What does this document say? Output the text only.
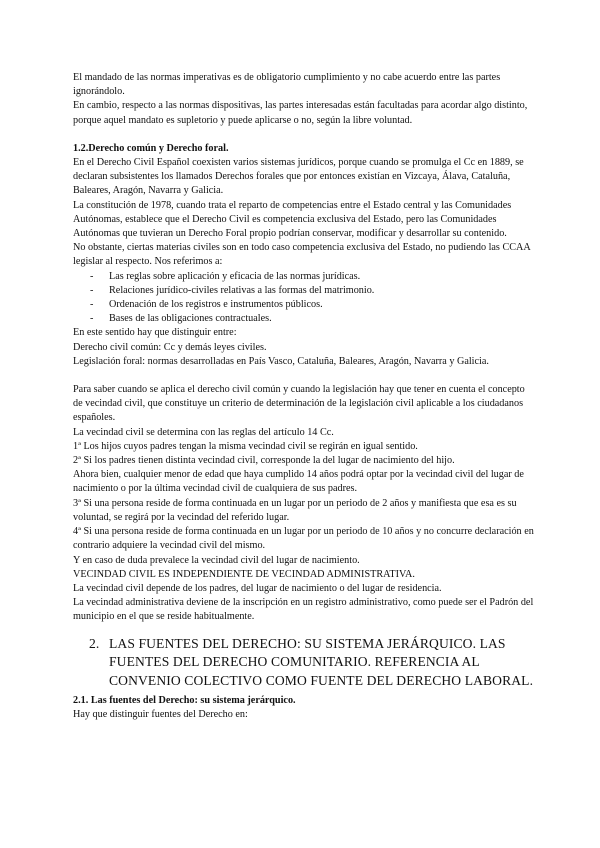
El mandado de las normas imperativas es de obligatorio cumplimiento y no cabe acuerdo entre las partes ignorándolo.

En cambio, respecto a las normas dispositivas, las partes interesadas están facultadas para acordar algo distinto, porque aquel mandato es supletorio y puede aplicarse o no, según la libre voluntad.

1.2.Derecho común y Derecho foral.

En el Derecho Civil Español coexisten varios sistemas jurídicos, porque cuando se promulga el Cc en 1889, se declaran subsistentes los llamados Derechos forales que por entonces existían en Vizcaya, Álava, Cataluña, Baleares, Aragón, Navarra y Galicia.

La constitución de 1978, cuando trata el reparto de competencias entre el Estado central y las Comunidades Autónomas, establece que el Derecho Civil es competencia exclusiva del Estado, pero las Comunidades Autónomas que tuvieran un Derecho Foral propio podrían conservar, modificar y desarrollar su contenido.

No obstante, ciertas materias civiles son en todo caso competencia exclusiva del Estado, no pudiendo las CCAA legislar al respecto. Nos referimos a:

- Las reglas sobre aplicación y eficacia de las normas jurídicas.
- Relaciones jurídico-civiles relativas a las formas del matrimonio.
- Ordenación de los registros e instrumentos públicos.
- Bases de las obligaciones contractuales.

En este sentido hay que distinguir entre:

Derecho civil común: Cc y demás leyes civiles.

Legislación foral: normas desarrolladas en País Vasco, Cataluña, Baleares, Aragón, Navarra y Galicia.

Para saber cuando se aplica el derecho civil común y cuando la legislación hay que tener en cuenta el concepto de vecindad civil, que constituye un criterio de determinación de la legislación civil aplicable a los ciudadanos españoles.

La vecindad civil se determina con las reglas del artículo 14 Cc.

1ª Los hijos cuyos padres tengan la misma vecindad civil se regirán en igual sentido.

2ª Si los padres tienen distinta vecindad civil, corresponde la del lugar de nacimiento del hijo.

Ahora bien, cualquier menor de edad que haya cumplido 14 años podrá optar por la vecindad civil del lugar de nacimiento o por la última vecindad civil de cualquiera de sus padres.

3ª Si una persona reside de forma continuada en un lugar por un periodo de 2 años y manifiesta que esa es su voluntad, se regirá por la vecindad del referido lugar.

4ª Si una persona reside de forma continuada en un lugar por un periodo de 10 años y no concurre declaración en contrario adquiere la vecindad civil del mismo.

Y en caso de duda prevalece la vecindad civil del lugar de nacimiento.

VECINDAD CIVIL ES INDEPENDIENTE DE VECINDAD ADMINISTRATIVA.

La vecindad civil depende de los padres, del lugar de nacimiento o del lugar de residencia.

La vecindad administrativa deviene de la inscripción en un registro administrativo, como puede ser el Padrón del municipio en el que se reside habitualmente.

2. LAS FUENTES DEL DERECHO: SU SISTEMA JERÁRQUICO. LAS FUENTES DEL DERECHO COMUNITARIO. REFERENCIA AL CONVENIO COLECTIVO COMO FUENTE DEL DERECHO LABORAL.
2.1. Las fuentes del Derecho: su sistema jerárquico.

Hay que distinguir fuentes del Derecho en:
